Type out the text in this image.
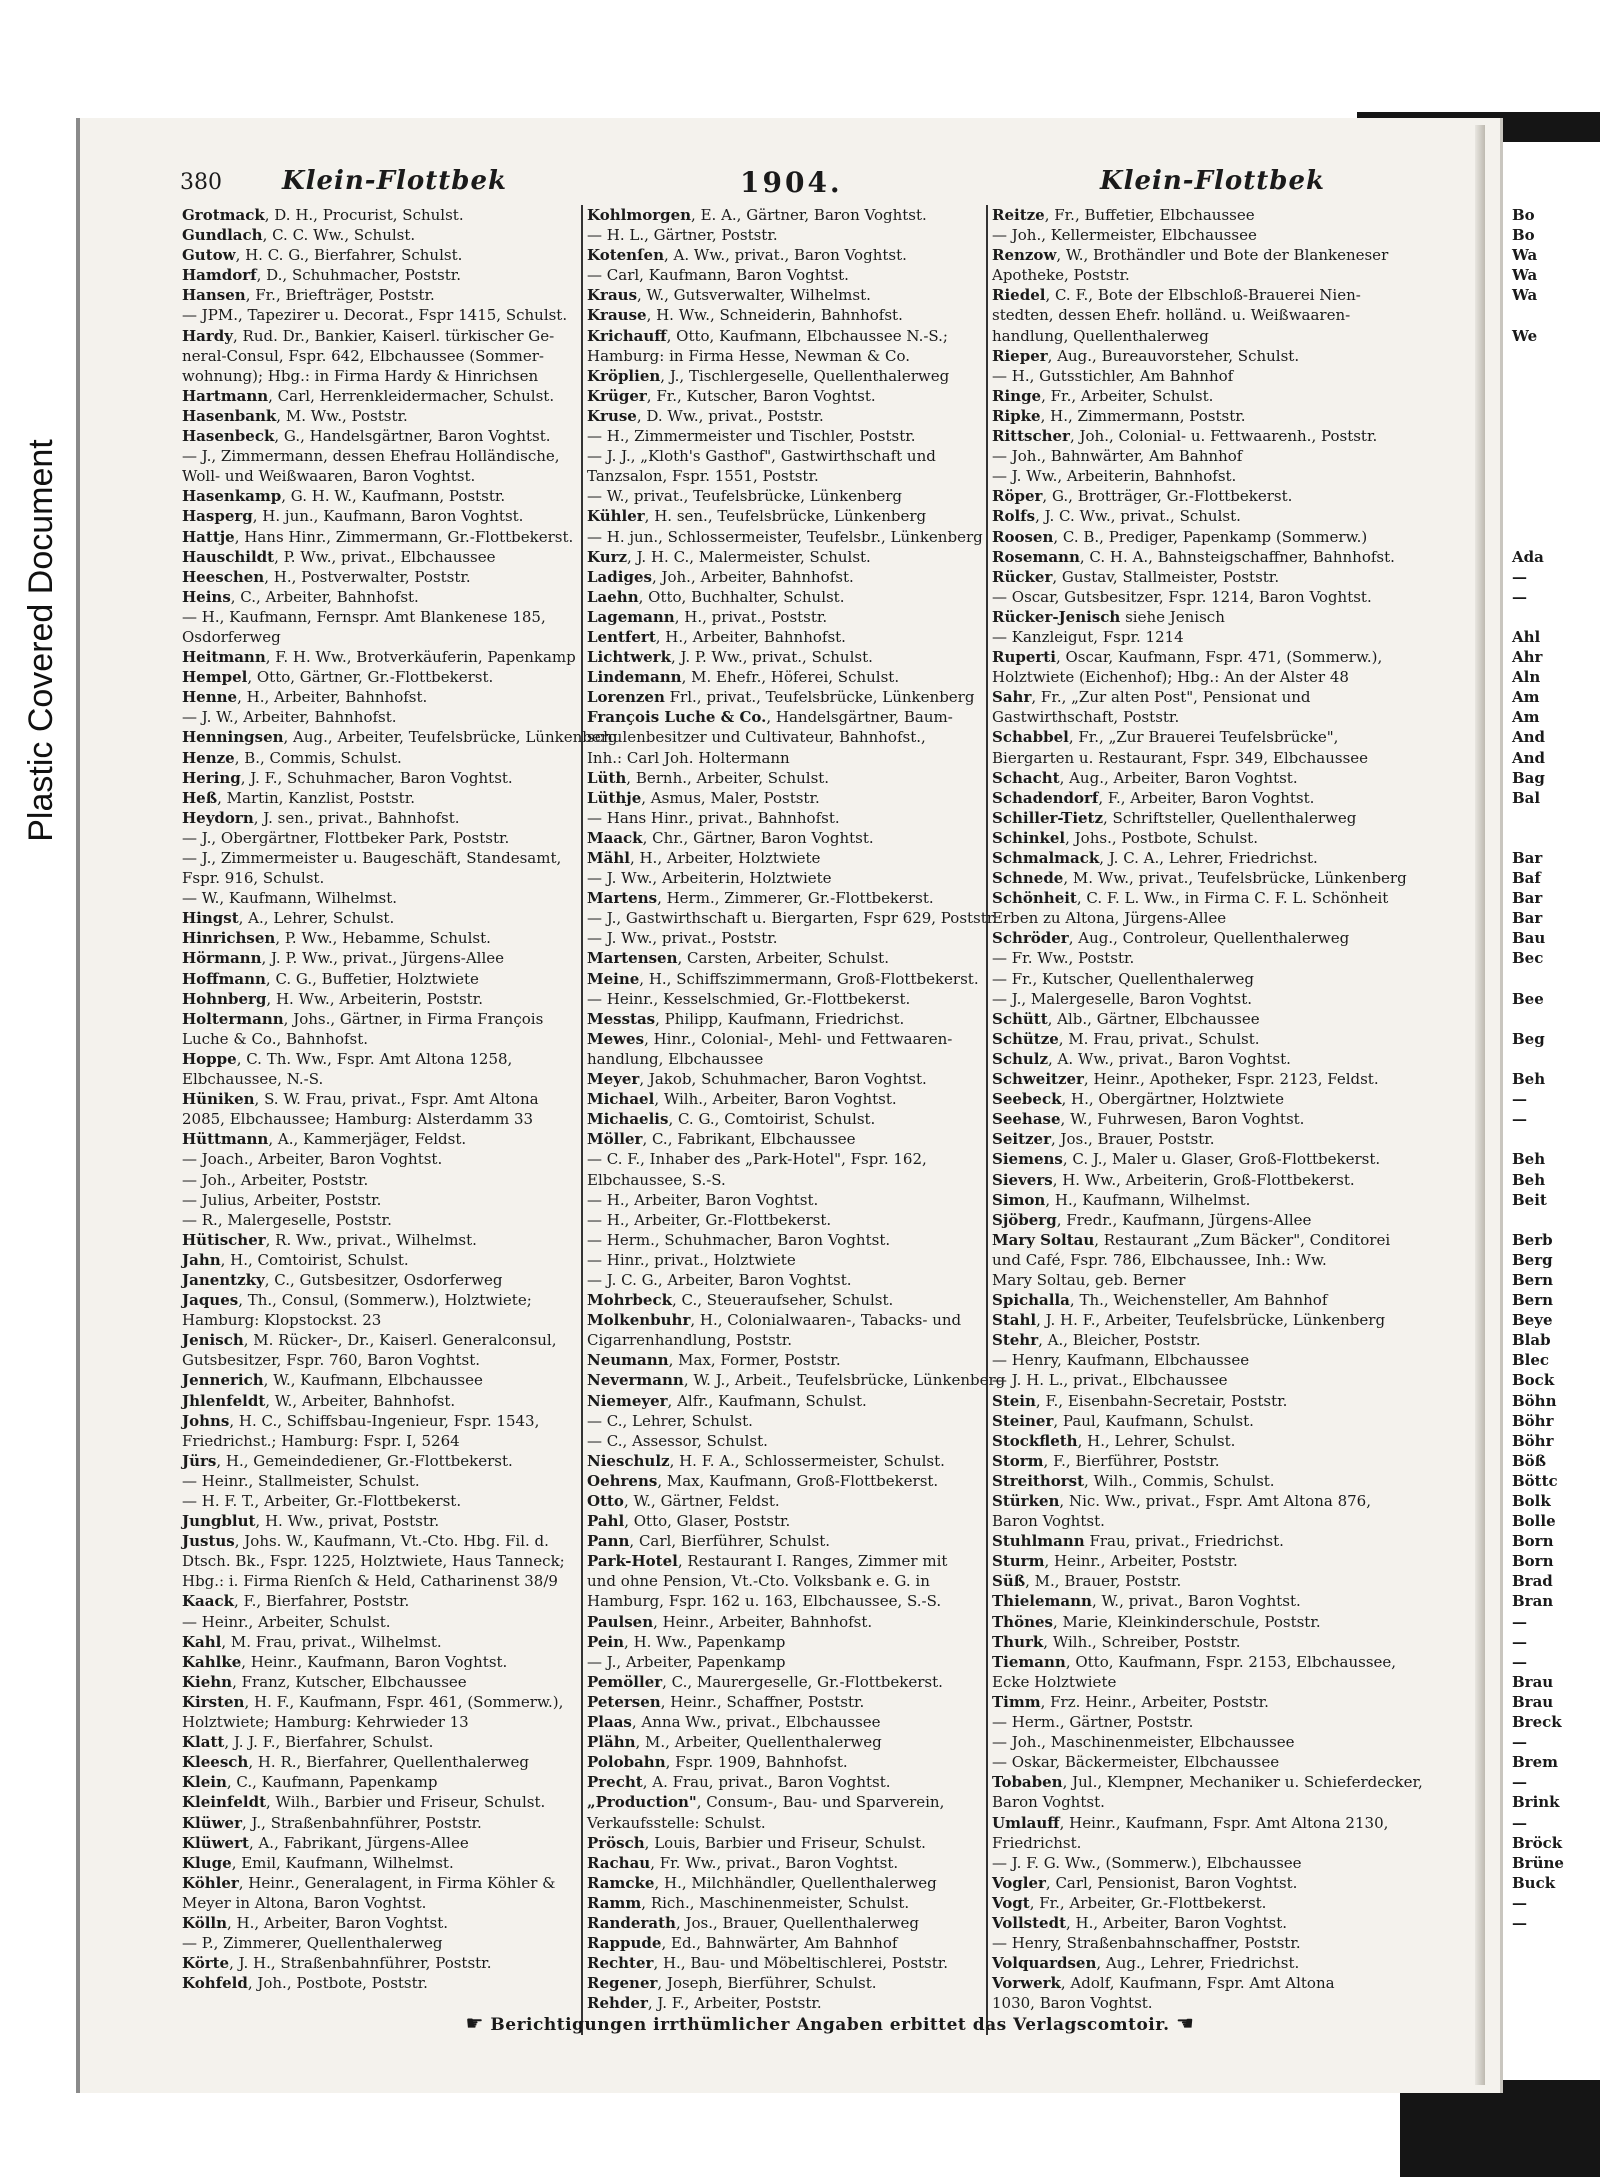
Plastic Covered Document
380 Klein-Flottbek	1904.	Klein-Flottbek
Grotmack, D. H., Procurist, Schulst.
Gundlach, C. C. Ww., Schulst.
Gutow, H. C. G., Bierfahrer, Schulst.
Hamdorf, D., Schuhmacher, Poststr.
Hansen, Fr., Briefträger, Poststr.
— JPM., Tapezirer u. Decorat., Fspr 1415, Schulst.
Hardy, Rud. Dr., Bankier, Kaiserl. türkischer Ge-
neral-Consul, Fspr. 642, Elbchaussee (Sommer-
wohnung); Hbg.: in Firma Hardy & Hinrichsen
Hartmann, Carl, Herrenkleidermacher, Schulst.
Hasenbank, M. Ww., Poststr.
Hasenbeck, G., Handelsgärtner, Baron Voghtst.
— J., Zimmermann, dessen Ehefrau Holländische,
Woll- und Weißwaaren, Baron Voghtst.
Hasenkamp, G. H. W., Kaufmann, Poststr.
Hasperg, H. jun., Kaufmann, Baron Voghtst.
Hattje, Hans Hinr., Zimmermann, Gr.-Flottbekerst.
Hauschildt, P. Ww., privat., Elbchaussee
Heeschen, H., Postverwalter, Poststr.
Heins, C., Arbeiter, Bahnhofst.
— H., Kaufmann, Fernspr. Amt Blankenese 185,
Osdorferweg
Heitmann, F. H. Ww., Brotverkäuferin, Papenkamp
Hempel, Otto, Gärtner, Gr.-Flottbekerst.
Henne, H., Arbeiter, Bahnhofst.
— J. W., Arbeiter, Bahnhofst.
Henningsen, Aug., Arbeiter, Teufelsbrücke, Lünkenberg
Henze, B., Commis, Schulst.
Hering, J. F., Schuhmacher, Baron Voghtst.
Heß, Martin, Kanzlist, Poststr.
Heydorn, J. sen., privat., Bahnhofst.
— J., Obergärtner, Flottbeker Park, Poststr.
— J., Zimmermeister u. Baugeschäft, Standesamt,
Fspr. 916, Schulst.
— W., Kaufmann, Wilhelmst.
Hingst, A., Lehrer, Schulst.
Hinrichsen, P. Ww., Hebamme, Schulst.
Hörmann, J. P. Ww., privat., Jürgens-Allee
Hoffmann, C. G., Buffetier, Holztwiete
Hohnberg, H. Ww., Arbeiterin, Poststr.
Holtermann, Johs., Gärtner, in Firma François
Luche & Co., Bahnhofst.
Hoppe, C. Th. Ww., Fspr. Amt Altona 1258,
Elbchaussee, N.-S.
Hüniken, S. W. Frau, privat., Fspr. Amt Altona
2085, Elbchaussee; Hamburg: Alsterdamm 33
Hüttmann, A., Kammerjäger, Feldst.
— Joach., Arbeiter, Baron Voghtst.
— Joh., Arbeiter, Poststr.
— Julius, Arbeiter, Poststr.
— R., Malergeselle, Poststr.
Hütischer, R. Ww., privat., Wilhelmst.
Jahn, H., Comtoirist, Schulst.
Janentzky, C., Gutsbesitzer, Osdorferweg
Jaques, Th., Consul, (Sommerw.), Holztwiete;
Hamburg: Klopstockst. 23
Jenisch, M. Rücker-, Dr., Kaiserl. Generalconsul,
Gutsbesitzer, Fspr. 760, Baron Voghtst.
Jennerich, W., Kaufmann, Elbchaussee
Jhlenfeldt, W., Arbeiter, Bahnhofst.
Johns, H. C., Schiffsbau-Ingenieur, Fspr. 1543,
Friedrichst.; Hamburg: Fspr. I, 5264
Jürs, H., Gemeindediener, Gr.-Flottbekerst.
— Heinr., Stallmeister, Schulst.
— H. F. T., Arbeiter, Gr.-Flottbekerst.
Jungblut, H. Ww., privat, Poststr.
Justus, Johs. W., Kaufmann, Vt.-Cto. Hbg. Fil. d.
Dtsch. Bk., Fspr. 1225, Holztwiete, Haus Tanneck;
Hbg.: i. Firma Rienſch & Held, Catharinenst 38/9
Kaack, F., Bierfahrer, Poststr.
— Heinr., Arbeiter, Schulst.
Kahl, M. Frau, privat., Wilhelmst.
Kahlke, Heinr., Kaufmann, Baron Voghtst.
Kiehn, Franz, Kutscher, Elbchaussee
Kirsten, H. F., Kaufmann, Fspr. 461, (Sommerw.),
Holztwiete; Hamburg: Kehrwieder 13
Klatt, J. J. F., Bierfahrer, Schulst.
Kleesch, H. R., Bierfahrer, Quellenthalerweg
Klein, C., Kaufmann, Papenkamp
Kleinfeldt, Wilh., Barbier und Friseur, Schulst.
Klüwer, J., Straßenbahnführer, Poststr.
Klüwert, A., Fabrikant, Jürgens-Allee
Kluge, Emil, Kaufmann, Wilhelmst.
Köhler, Heinr., Generalagent, in Firma Köhler &
Meyer in Altona, Baron Voghtst.
Kölln, H., Arbeiter, Baron Voghtst.
— P., Zimmerer, Quellenthalerweg
Körte, J. H., Straßenbahnführer, Poststr.
Kohfeld, Joh., Postbote, Poststr.
Kohlmorgen, E. A., Gärtner, Baron Voghtst.
— H. L., Gärtner, Poststr.
Kotenſen, A. Ww., privat., Baron Voghtst.
— Carl, Kaufmann, Baron Voghtst.
Kraus, W., Gutsverwalter, Wilhelmst.
Krause, H. Ww., Schneiderin, Bahnhofst.
Krichauff, Otto, Kaufmann, Elbchaussee N.-S.;
Hamburg: in Firma Hesse, Newman & Co.
Kröplien, J., Tischlergeselle, Quellenthalerweg
Krüger, Fr., Kutscher, Baron Voghtst.
Kruse, D. Ww., privat., Poststr.
— H., Zimmermeister und Tischler, Poststr.
— J. J., „Kloth's Gasthof", Gastwirthschaft und
Tanzsalon, Fspr. 1551, Poststr.
— W., privat., Teufelsbrücke, Lünkenberg
Kühler, H. sen., Teufelsbrücke, Lünkenberg
— H. jun., Schlossermeister, Teufelsbr., Lünkenberg
Kurz, J. H. C., Malermeister, Schulst.
Ladiges, Joh., Arbeiter, Bahnhofst.
Laehn, Otto, Buchhalter, Schulst.
Lagemann, H., privat., Poststr.
Lentfert, H., Arbeiter, Bahnhofst.
Lichtwerk, J. P. Ww., privat., Schulst.
Lindemann, M. Ehefr., Höferei, Schulst.
Lorenzen Frl., privat., Teufelsbrücke, Lünkenberg
François Luche & Co., Handelsgärtner, Baum-
schulenbesitzer und Cultivateur, Bahnhofst.,
Inh.: Carl Joh. Holtermann
Lüth, Bernh., Arbeiter, Schulst.
Lüthje, Asmus, Maler, Poststr.
— Hans Hinr., privat., Bahnhofst.
Maack, Chr., Gärtner, Baron Voghtst.
Mähl, H., Arbeiter, Holztwiete
— J. Ww., Arbeiterin, Holztwiete
Martens, Herm., Zimmerer, Gr.-Flottbekerst.
— J., Gastwirthschaft u. Biergarten, Fspr 629, Poststr.
— J. Ww., privat., Poststr.
Martensen, Carsten, Arbeiter, Schulst.
Meine, H., Schiffszimmermann, Groß-Flottbekerst.
— Heinr., Kesselschmied, Gr.-Flottbekerst.
Messtas, Philipp, Kaufmann, Friedrichst.
Mewes, Hinr., Colonial-, Mehl- und Fettwaaren-
handlung, Elbchaussee
Meyer, Jakob, Schuhmacher, Baron Voghtst.
Michael, Wilh., Arbeiter, Baron Voghtst.
Michaelis, C. G., Comtoirist, Schulst.
Möller, C., Fabrikant, Elbchaussee
— C. F., Inhaber des „Park-Hotel", Fspr. 162,
Elbchaussee, S.-S.
— H., Arbeiter, Baron Voghtst.
— H., Arbeiter, Gr.-Flottbekerst.
— Herm., Schuhmacher, Baron Voghtst.
— Hinr., privat., Holztwiete
— J. C. G., Arbeiter, Baron Voghtst.
Mohrbeck, C., Steueraufseher, Schulst.
Molkenbuhr, H., Colonialwaaren-, Tabacks- und
Cigarrenhandlung, Poststr.
Neumann, Max, Former, Poststr.
Nevermann, W. J., Arbeit., Teufelsbrücke, Lünkenberg
Niemeyer, Alfr., Kaufmann, Schulst.
— C., Lehrer, Schulst.
— C., Assessor, Schulst.
Nieschulz, H. F. A., Schlossermeister, Schulst.
Oehrens, Max, Kaufmann, Groß-Flottbekerst.
Otto, W., Gärtner, Feldst.
Pahl, Otto, Glaser, Poststr.
Pann, Carl, Bierführer, Schulst.
Park-Hotel, Restaurant I. Ranges, Zimmer mit
und ohne Pension, Vt.-Cto. Volksbank e. G. in
Hamburg, Fspr. 162 u. 163, Elbchaussee, S.-S.
Paulsen, Heinr., Arbeiter, Bahnhofst.
Pein, H. Ww., Papenkamp
— J., Arbeiter, Papenkamp
Pemöller, C., Maurergeselle, Gr.-Flottbekerst.
Petersen, Heinr., Schaffner, Poststr.
Plaas, Anna Ww., privat., Elbchaussee
Plähn, M., Arbeiter, Quellenthalerweg
Polobahn, Fspr. 1909, Bahnhofst.
Precht, A. Frau, privat., Baron Voghtst.
„Production", Consum-, Bau- und Sparverein,
Verkaufsstelle: Schulst.
Prösch, Louis, Barbier und Friseur, Schulst.
Rachau, Fr. Ww., privat., Baron Voghtst.
Ramcke, H., Milchhändler, Quellenthalerweg
Ramm, Rich., Maschinenmeister, Schulst.
Randerath, Jos., Brauer, Quellenthalerweg
Rappude, Ed., Bahnwärter, Am Bahnhof
Rechter, H., Bau- und Möbeltischlerei, Poststr.
Regener, Joseph, Bierführer, Schulst.
Rehder, J. F., Arbeiter, Poststr.
Reitze, Fr., Buffetier, Elbchaussee
— Joh., Kellermeister, Elbchaussee
Renzow, W., Brothändler und Bote der Blankeneser
Apotheke, Poststr.
Riedel, C. F., Bote der Elbschloß-Brauerei Nien-
stedten, dessen Ehefr. holländ. u. Weißwaaren-
handlung, Quellenthalerweg
Rieper, Aug., Bureauvorsteher, Schulst.
— H., Gutsstichler, Am Bahnhof
Ringe, Fr., Arbeiter, Schulst.
Ripke, H., Zimmermann, Poststr.
Rittscher, Joh., Colonial- u. Fettwaarenh., Poststr.
— Joh., Bahnwärter, Am Bahnhof
— J. Ww., Arbeiterin, Bahnhofst.
Röper, G., Brotträger, Gr.-Flottbekerst.
Rolfs, J. C. Ww., privat., Schulst.
Roosen, C. B., Prediger, Papenkamp (Sommerw.)
Rosemann, C. H. A., Bahnsteigschaffner, Bahnhofst.
Rücker, Gustav, Stallmeister, Poststr.
— Oscar, Gutsbesitzer, Fspr. 1214, Baron Voghtst.
Rücker-Jenisch siehe Jenisch
— Kanzleigut, Fspr. 1214
Ruperti, Oscar, Kaufmann, Fspr. 471, (Sommerw.),
Holztwiete (Eichenhof); Hbg.: An der Alster 48
Sahr, Fr., „Zur alten Post", Pensionat und
Gastwirthschaft, Poststr.
Schabbel, Fr., „Zur Brauerei Teufelsbrücke",
Biergarten u. Restaurant, Fspr. 349, Elbchaussee
Schacht, Aug., Arbeiter, Baron Voghtst.
Schadendorf, F., Arbeiter, Baron Voghtst.
Schiller-Tietz, Schriftsteller, Quellenthalerweg
Schinkel, Johs., Postbote, Schulst.
Schmalmack, J. C. A., Lehrer, Friedrichst.
Schnede, M. Ww., privat., Teufelsbrücke, Lünkenberg
Schönheit, C. F. L. Ww., in Firma C. F. L. Schönheit
Erben zu Altona, Jürgens-Allee
Schröder, Aug., Controleur, Quellenthalerweg
— Fr. Ww., Poststr.
— Fr., Kutscher, Quellenthalerweg
— J., Malergeselle, Baron Voghtst.
Schütt, Alb., Gärtner, Elbchaussee
Schütze, M. Frau, privat., Schulst.
Schulz, A. Ww., privat., Baron Voghtst.
Schweitzer, Heinr., Apotheker, Fspr. 2123, Feldst.
Seebeck, H., Obergärtner, Holztwiete
Seehase, W., Fuhrwesen, Baron Voghtst.
Seitzer, Jos., Brauer, Poststr.
Siemens, C. J., Maler u. Glaser, Groß-Flottbekerst.
Sievers, H. Ww., Arbeiterin, Groß-Flottbekerst.
Simon, H., Kaufmann, Wilhelmst.
Sjöberg, Fredr., Kaufmann, Jürgens-Allee
Mary Soltau, Restaurant „Zum Bäcker", Conditorei
und Café, Fspr. 786, Elbchaussee, Inh.: Ww.
Mary Soltau, geb. Berner
Spichalla, Th., Weichensteller, Am Bahnhof
Stahl, J. H. F., Arbeiter, Teufelsbrücke, Lünkenberg
Stehr, A., Bleicher, Poststr.
— Henry, Kaufmann, Elbchaussee
— J. H. L., privat., Elbchaussee
Stein, F., Eisenbahn-Secretair, Poststr.
Steiner, Paul, Kaufmann, Schulst.
Stockfleth, H., Lehrer, Schulst.
Storm, F., Bierführer, Poststr.
Streithorst, Wilh., Commis, Schulst.
Stürken, Nic. Ww., privat., Fspr. Amt Altona 876,
Baron Voghtst.
Stuhlmann Frau, privat., Friedrichst.
Sturm, Heinr., Arbeiter, Poststr.
Süß, M., Brauer, Poststr.
Thielemann, W., privat., Baron Voghtst.
Thönes, Marie, Kleinkinderschule, Poststr.
Thurk, Wilh., Schreiber, Poststr.
Tiemann, Otto, Kaufmann, Fspr. 2153, Elbchaussee,
Ecke Holztwiete
Timm, Frz. Heinr., Arbeiter, Poststr.
— Herm., Gärtner, Poststr.
— Joh., Maschinenmeister, Elbchaussee
— Oskar, Bäckermeister, Elbchaussee
Tobaben, Jul., Klempner, Mechaniker u. Schieferdecker,
Baron Voghtst.
Umlauff, Heinr., Kaufmann, Fspr. Amt Altona 2130,
Friedrichst.
— J. F. G. Ww., (Sommerw.), Elbchaussee
Vogler, Carl, Pensionist, Baron Voghtst.
Vogt, Fr., Arbeiter, Gr.-Flottbekerst.
Vollstedt, H., Arbeiter, Baron Voghtst.
— Henry, Straßenbahnschaffner, Poststr.
Volquardsen, Aug., Lehrer, Friedrichst.
Vorwerk, Adolf, Kaufmann, Fspr. Amt Altona
1030, Baron Voghtst.
Bo
Bo
Wa
Wa
Wa

We

Ada
—
—

Ahl
Ahr
Aln
Am
Am
And
And
Bag
Bal

Bar
Baf
Bar
Bar
Bau
Bec

Bee

Beg

Beh
—
—

Beh
Beh
Beit

Berb
Berg
Bern
Bern
Beye
Blab
Blec
Bock
Böhn
Böhr
Böhr
Böß
Böttc
Bolk
Bolle
Born
Born
Brad
Bran
—
—
—
Brau
Brau
Breck
—
Brem
—
Brink
—
Bröck
Brüne
Buck
—
—
☛ Berichtigungen irrthümlicher Angaben erbittet das Verlagscomtoir. ☚
